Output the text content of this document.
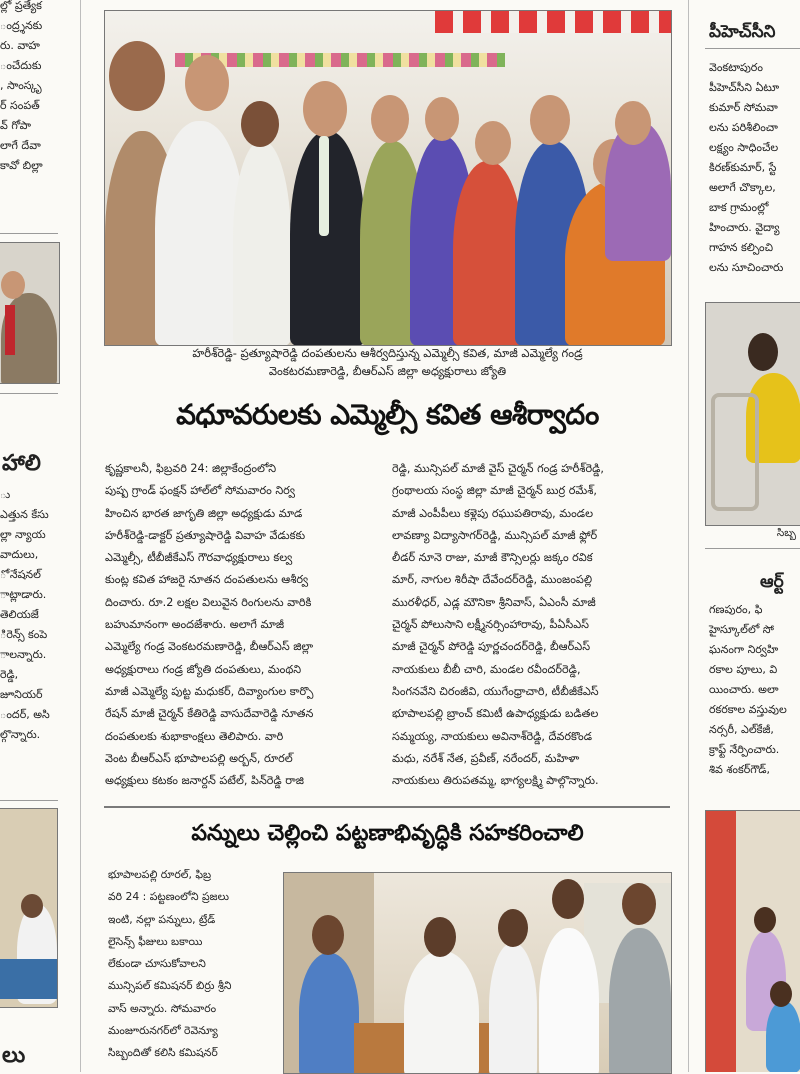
ల్లో ప్రత్యేక
ంద్ర్శనకు
రు. వాహ
ంచేదుకు
, సాంస్కృ
ర్ సంపత్
వ్ గోపా
లాగే దేవా
కావో బిల్లా
హాలి
ు
ఎత్తున కేసు
ల్లా న్యాయ
వాదులు,
ో నేషనల్
ాట్లాడారు.
తెలియజే
ిరెన్స్ కంపె
ాలన్నారు.
రెడ్డి,
జూనియర్
ందర్, అసి
ల్గొన్నారు.
లు
హరీశ్‌రెడ్డి- ప్రత్యూషారెడ్డి దంపతులను ఆశీర్వదిస్తున్న ఎమ్మెల్సీ కవిత, మాజీ ఎమ్మెల్యే గండ్ర
వెంకటరమణారెడ్డి, బీఆర్ఎస్ జిల్లా అధ్యక్షురాలు జ్యోతి
వధూవరులకు ఎమ్మెల్సీ కవిత ఆశీర్వాదం
కృష్ణకాలనీ, ఫిబ్రవరి 24: జిల్లాకేంద్రంలోని
పుష్ప గ్రాండ్ ఫంక్షన్ హాల్‌లో సోమవారం నిర్వ
హించిన భారత జాగృతి జిల్లా అధ్యక్షుడు మాడ
హరీశ్‌రెడ్డి-డాక్టర్ ప్రత్యూషారెడ్డి వివాహ వేడుకకు
ఎమ్మెల్సీ, టీబీజీకేఎస్ గౌరవాధ్యక్షురాలు కల్వ
కుంట్ల కవిత హాజరై నూతన దంపతులను ఆశీర్వ
దించారు. రూ.2 లక్షల విలువైన రింగులను వారికి
బహుమానంగా అందజేశారు. అలాగే మాజీ
ఎమ్మెల్యే గండ్ర వెంకటరమణారెడ్డి, బీఆర్ఎస్ జిల్లా
అధ్యక్షురాలు గండ్ర జ్యోతి దంపతులు, మంథని
మాజీ ఎమ్మెల్యే పుట్ట మధుకర్, దివ్యాంగుల కార్పొ
రేషన్ మాజీ చైర్మన్ కేతిరెడ్డి వాసుదేవారెడ్డి నూతన
దంపతులకు శుభాకాంక్షలు తెలిపారు. వారి
వెంట బీఆర్ఎస్ భూపాలపల్లి అర్బన్, రూరల్
అధ్యక్షులు కటకం జనార్దన్ పటేల్, పిన్‌రెడ్డి రాజి
రెడ్డి, మున్సిపల్ మాజీ వైస్ చైర్మన్ గండ్ర హరీశ్‌రెడ్డి,
గ్రంథాలయ సంస్థ జిల్లా మాజీ చైర్మన్ బుర్ర రమేశ్,
మాజీ ఎంపీపీలు కళ్లెపు రఘుపతిరావు, మండల
లావణ్యా విద్యాసాగర్‌రెడ్డి, మున్సిపల్ మాజీ ఫ్లోర్
లీడర్ నూనె రాజు, మాజీ కౌన్సిలర్లు జక్కం రవిక
మార్, నాగుల శిరీషా దేవేందర్‌రెడ్డి, ముంజంపల్లి
మురళీధర్, ఎడ్ల మౌనికా శ్రీనివాస్, ఏఎంసీ మాజీ
చైర్మన్ పోలుసాని లక్ష్మీనర్సింహారావు, పీఏసీఎస్
మాజీ చైర్మన్ పోరెడ్డి పూర్ణచందర్‌రెడ్డి, బీఆర్ఎస్
నాయకులు బీబీ చారి, మండల రవీందర్‌రెడ్డి,
సింగనవేని చిరంజీవి, యుగేంధ్రాచారి, టీబీజీకేఎస్
భూపాలపల్లి బ్రాంచ్ కమిటీ ఉపాధ్యక్షుడు బడితల
సమ్మయ్య, నాయకులు అవినాశ్‌రెడ్డి, దేవరకొండ
మధు, నరేశ్ నేత, ప్రవీణ్, నరేందర్, మహిళా
నాయకులు తిరుపతమ్మ, భాగ్యలక్ష్మి పాల్గొన్నారు.
పన్నులు చెల్లించి పట్టణాభివృద్ధికి సహకరించాలి
భూపాలపల్లి రూరల్, ఫిబ్ర
వరి 24 : పట్టణంలోని ప్రజలు
ఇంటి, నల్లా పన్నులు, ట్రేడ్
లైసెన్స్ ఫీజులు బకాయి
లేకుండా చూసుకోవాలని
మున్సిపల్ కమిషనర్ బిర్రు శ్రీని
వాస్ అన్నారు. సోమవారం
మంజూరునగర్‌లో రెవెన్యూ
సిబ్బందితో కలిసి కమిషనర్
పీహెచ్‌సీని
వెంకటాపురం
పీహెచ్‌సీని ఏటూ
కుమార్ సోమవా
లను పరిశీలించా
లక్ష్యం సాధించేల
కిరణ్‌కుమార్, స్టే
అలాగే చొక్కాల,
బాక గ్రామంల్లో
హించారు. వైద్యా
గాహన కల్పించి
లను సూచించారు
సిబ్బ
ఆర్ట్
గణపురం, ఫి
హైస్కూల్‌లో సో
ఘనంగా నిర్వహి
రకాల పూలు, వి
యించారు. అలా
రకరకాల వస్తువుల
నర్సరీ, ఎల్‌కేజీ,
క్రాఫ్ట్ నేర్పించారు.
శివ శంకర్‌గౌడ్,
